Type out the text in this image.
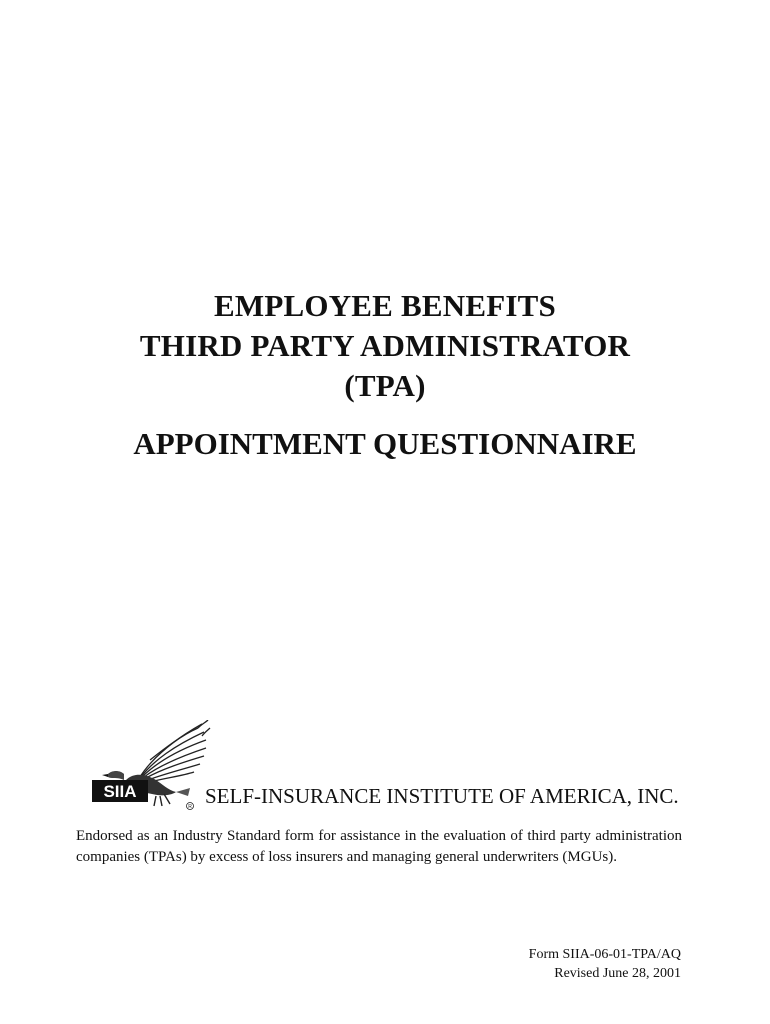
EMPLOYEE BENEFITS
THIRD PARTY ADMINISTRATOR
(TPA)
APPOINTMENT QUESTIONNAIRE
SIIA
R SELF-INSURANCE INSTITUTE OF AMERICA, INC.
Endorsed as an Industry Standard form for assistance in the evaluation of third party administration companies (TPAs) by excess of loss insurers and managing general underwriters (MGUs).
Form SIIA-06-01-TPA/AQ
Revised June 28, 2001
